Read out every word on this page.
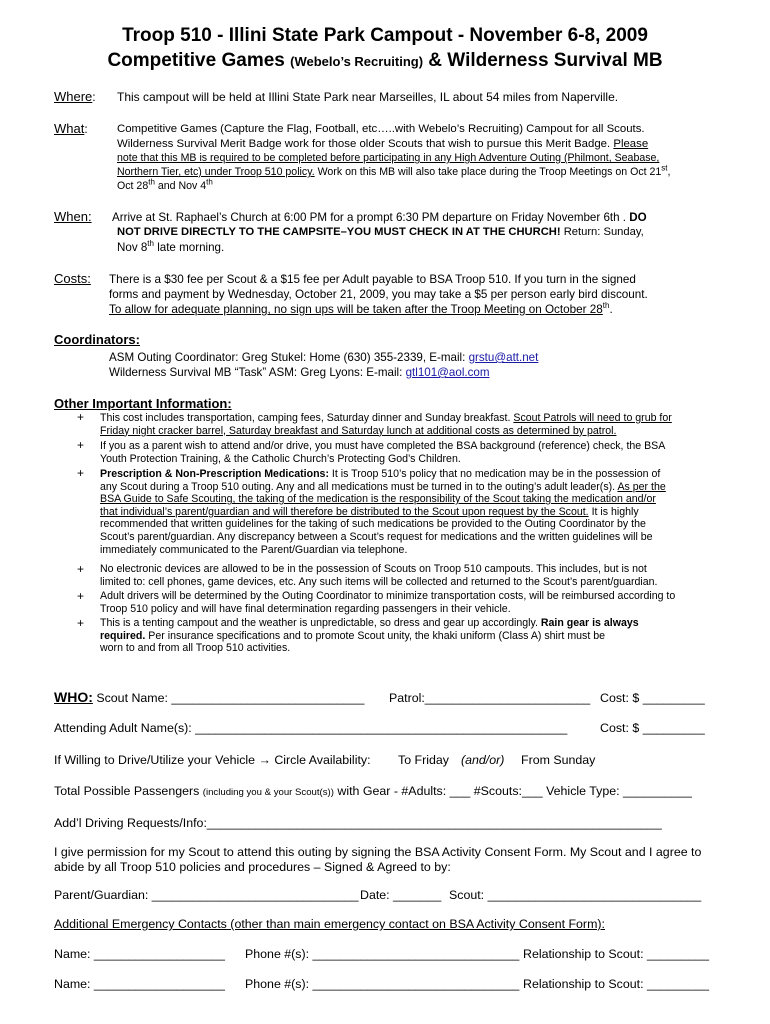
Troop 510 - Illini State Park Campout - November 6-8, 2009
Competitive Games (Webelo’s Recruiting) & Wilderness Survival MB
Where: This campout will be held at Illini State Park near Marseilles, IL about 54 miles from Naperville.
What:	Competitive Games (Capture the Flag, Football, etc…..with Webelo’s Recruiting) Campout for all Scouts.
Wilderness Survival Merit Badge work for those older Scouts that wish to pursue this Merit Badge. Please
note that this MB is required to be completed before participating in any High Adventure Outing (Philmont, Seabase,
Northern Tier, etc) under Troop 510 policy. Work on this MB will also take place during the Troop Meetings on Oct 21st,
Oct 28th and Nov 4th
When: Arrive at St. Raphael’s Church at 6:00 PM for a prompt 6:30 PM departure on Friday November 6th . DO
NOT DRIVE DIRECTLY TO THE CAMPSITE–YOU MUST CHECK IN AT THE CHURCH! Return: Sunday,
Nov 8th late morning.
Costs: There is a $30 fee per Scout & a $15 fee per Adult payable to BSA Troop 510. If you turn in the signed
forms and payment by Wednesday, October 21, 2009, you may take a $5 per person early bird discount.
To allow for adequate planning, no sign ups will be taken after the Troop Meeting on October 28th.
Coordinators:
ASM Outing Coordinator: Greg Stukel: Home (630) 355-2339, E-mail: grstu@att.net
Wilderness Survival MB “Task” ASM: Greg Lyons: E-mail: gtl101@aol.com
Other Important Information:
+ This cost includes transportation, camping fees, Saturday dinner and Sunday breakfast. Scout Patrols will need to grub for
Friday night cracker barrel, Saturday breakfast and Saturday lunch at additional costs as determined by patrol.
+ If you as a parent wish to attend and/or drive, you must have completed the BSA background (reference) check, the BSA
Youth Protection Training, & the Catholic Church’s Protecting God’s Children.
+ Prescription & Non-Prescription Medications: It is Troop 510’s policy that no medication may be in the possession of
any Scout during a Troop 510 outing. Any and all medications must be turned in to the outing’s adult leader(s). As per the
BSA Guide to Safe Scouting, the taking of the medication is the responsibility of the Scout taking the medication and/or
that individual’s parent/guardian and will therefore be distributed to the Scout upon request by the Scout. It is highly
recommended that written guidelines for the taking of such medications be provided to the Outing Coordinator by the
Scout’s parent/guardian. Any discrepancy between a Scout’s request for medications and the written guidelines will be
immediately communicated to the Parent/Guardian via telephone.
+ No electronic devices are allowed to be in the possession of Scouts on Troop 510 campouts. This includes, but is not
limited to: cell phones, game devices, etc. Any such items will be collected and returned to the Scout’s parent/guardian.
+ Adult drivers will be determined by the Outing Coordinator to minimize transportation costs, will be reimbursed according to
Troop 510 policy and will have final determination regarding passengers in their vehicle.
+ This is a tenting campout and the weather is unpredictable, so dress and gear up accordingly. Rain gear is always
required. Per insurance specifications and to promote Scout unity, the khaki uniform (Class A) shirt must be
worn to and from all Troop 510 activities.
WHO: Scout Name: ____________________________ Patrol:________________________ Cost: $ _________
Attending Adult Name(s): ______________________________________________________	Cost: $ _________
If Willing to Drive/Utilize your Vehicle → Circle Availability: To Friday (and/or) From Sunday
Total Possible Passengers (including you & your Scout(s)) with Gear - #Adults: ___ #Scouts:___ Vehicle Type: __________
Add’l Driving Requests/Info:__________________________________________________________________
I give permission for my Scout to attend this outing by signing the BSA Activity Consent Form. My Scout and I agree to
abide by all Troop 510 policies and procedures – Signed & Agreed to by:
Parent/Guardian: ______________________________ Date: _______ Scout: _______________________________
Additional Emergency Contacts (other than main emergency contact on BSA Activity Consent Form):
Name: ___________________ Phone #(s): ______________________________ Relationship to Scout: _________
Name: ___________________ Phone #(s): ______________________________ Relationship to Scout: _________
